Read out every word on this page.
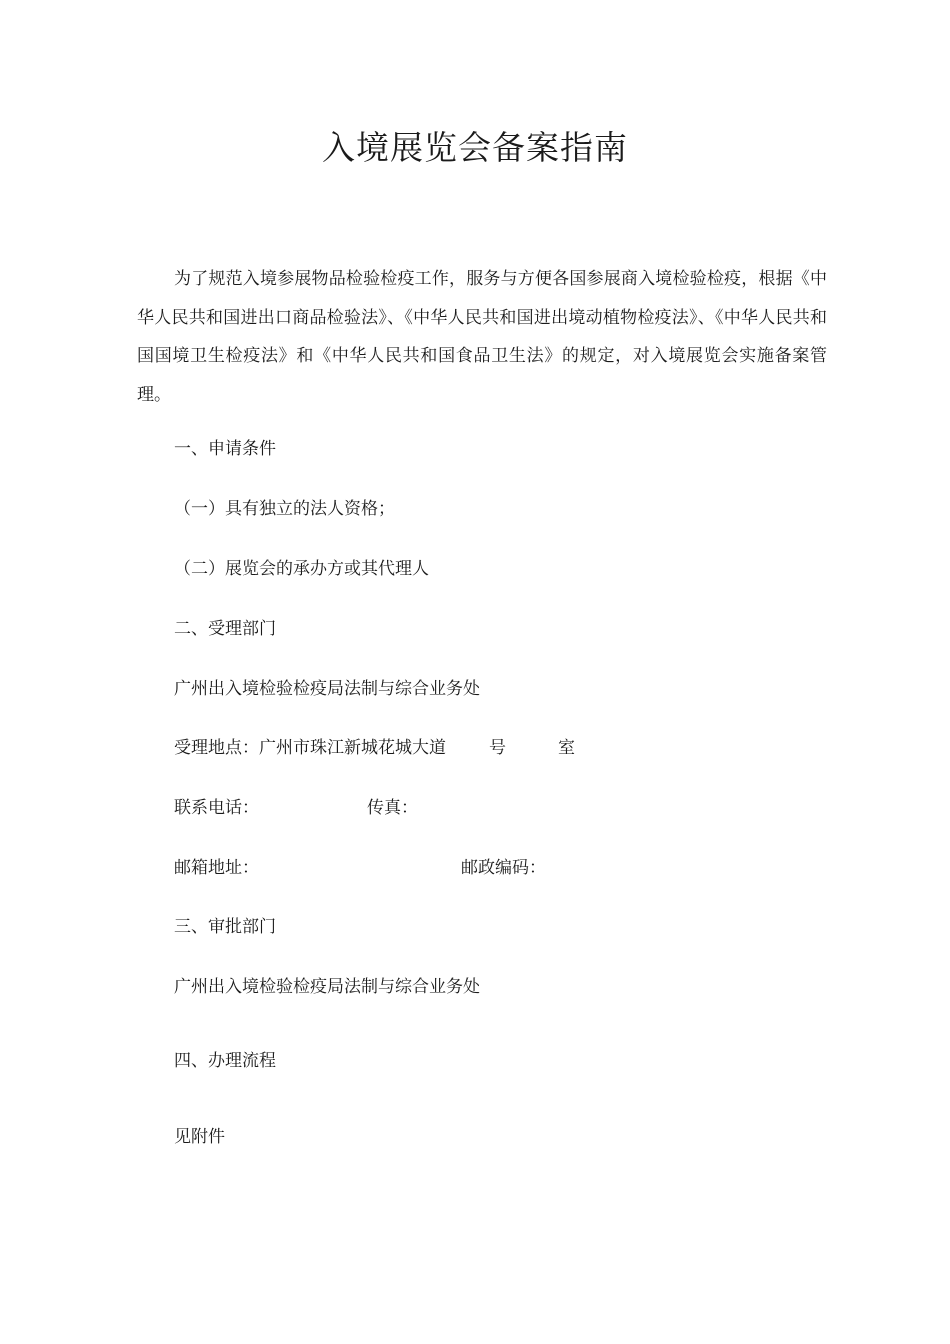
入境展览会备案指南

为了规范入境参展物品检验检疫工作，服务与方便各国参展商入境检验检疫，根据《中华人民共和国进出口商品检验法》、《中华人民共和国进出境动植物检疫法》、《中华人民共和国国境卫生检疫法》和《中华人民共和国食品卫生法》的规定，对入境展览会实施备案管理。

一、申请条件

（一）具有独立的法人资格；

（二）展览会的承办方或其代理人

二、受理部门

广州出入境检验检疫局法制与综合业务处

受理地点：广州市珠江新城花城大道	号	室

联系电话：	传真：

邮箱地址：	邮政编码：

三、审批部门

广州出入境检验检疫局法制与综合业务处

四、办理流程

见附件
